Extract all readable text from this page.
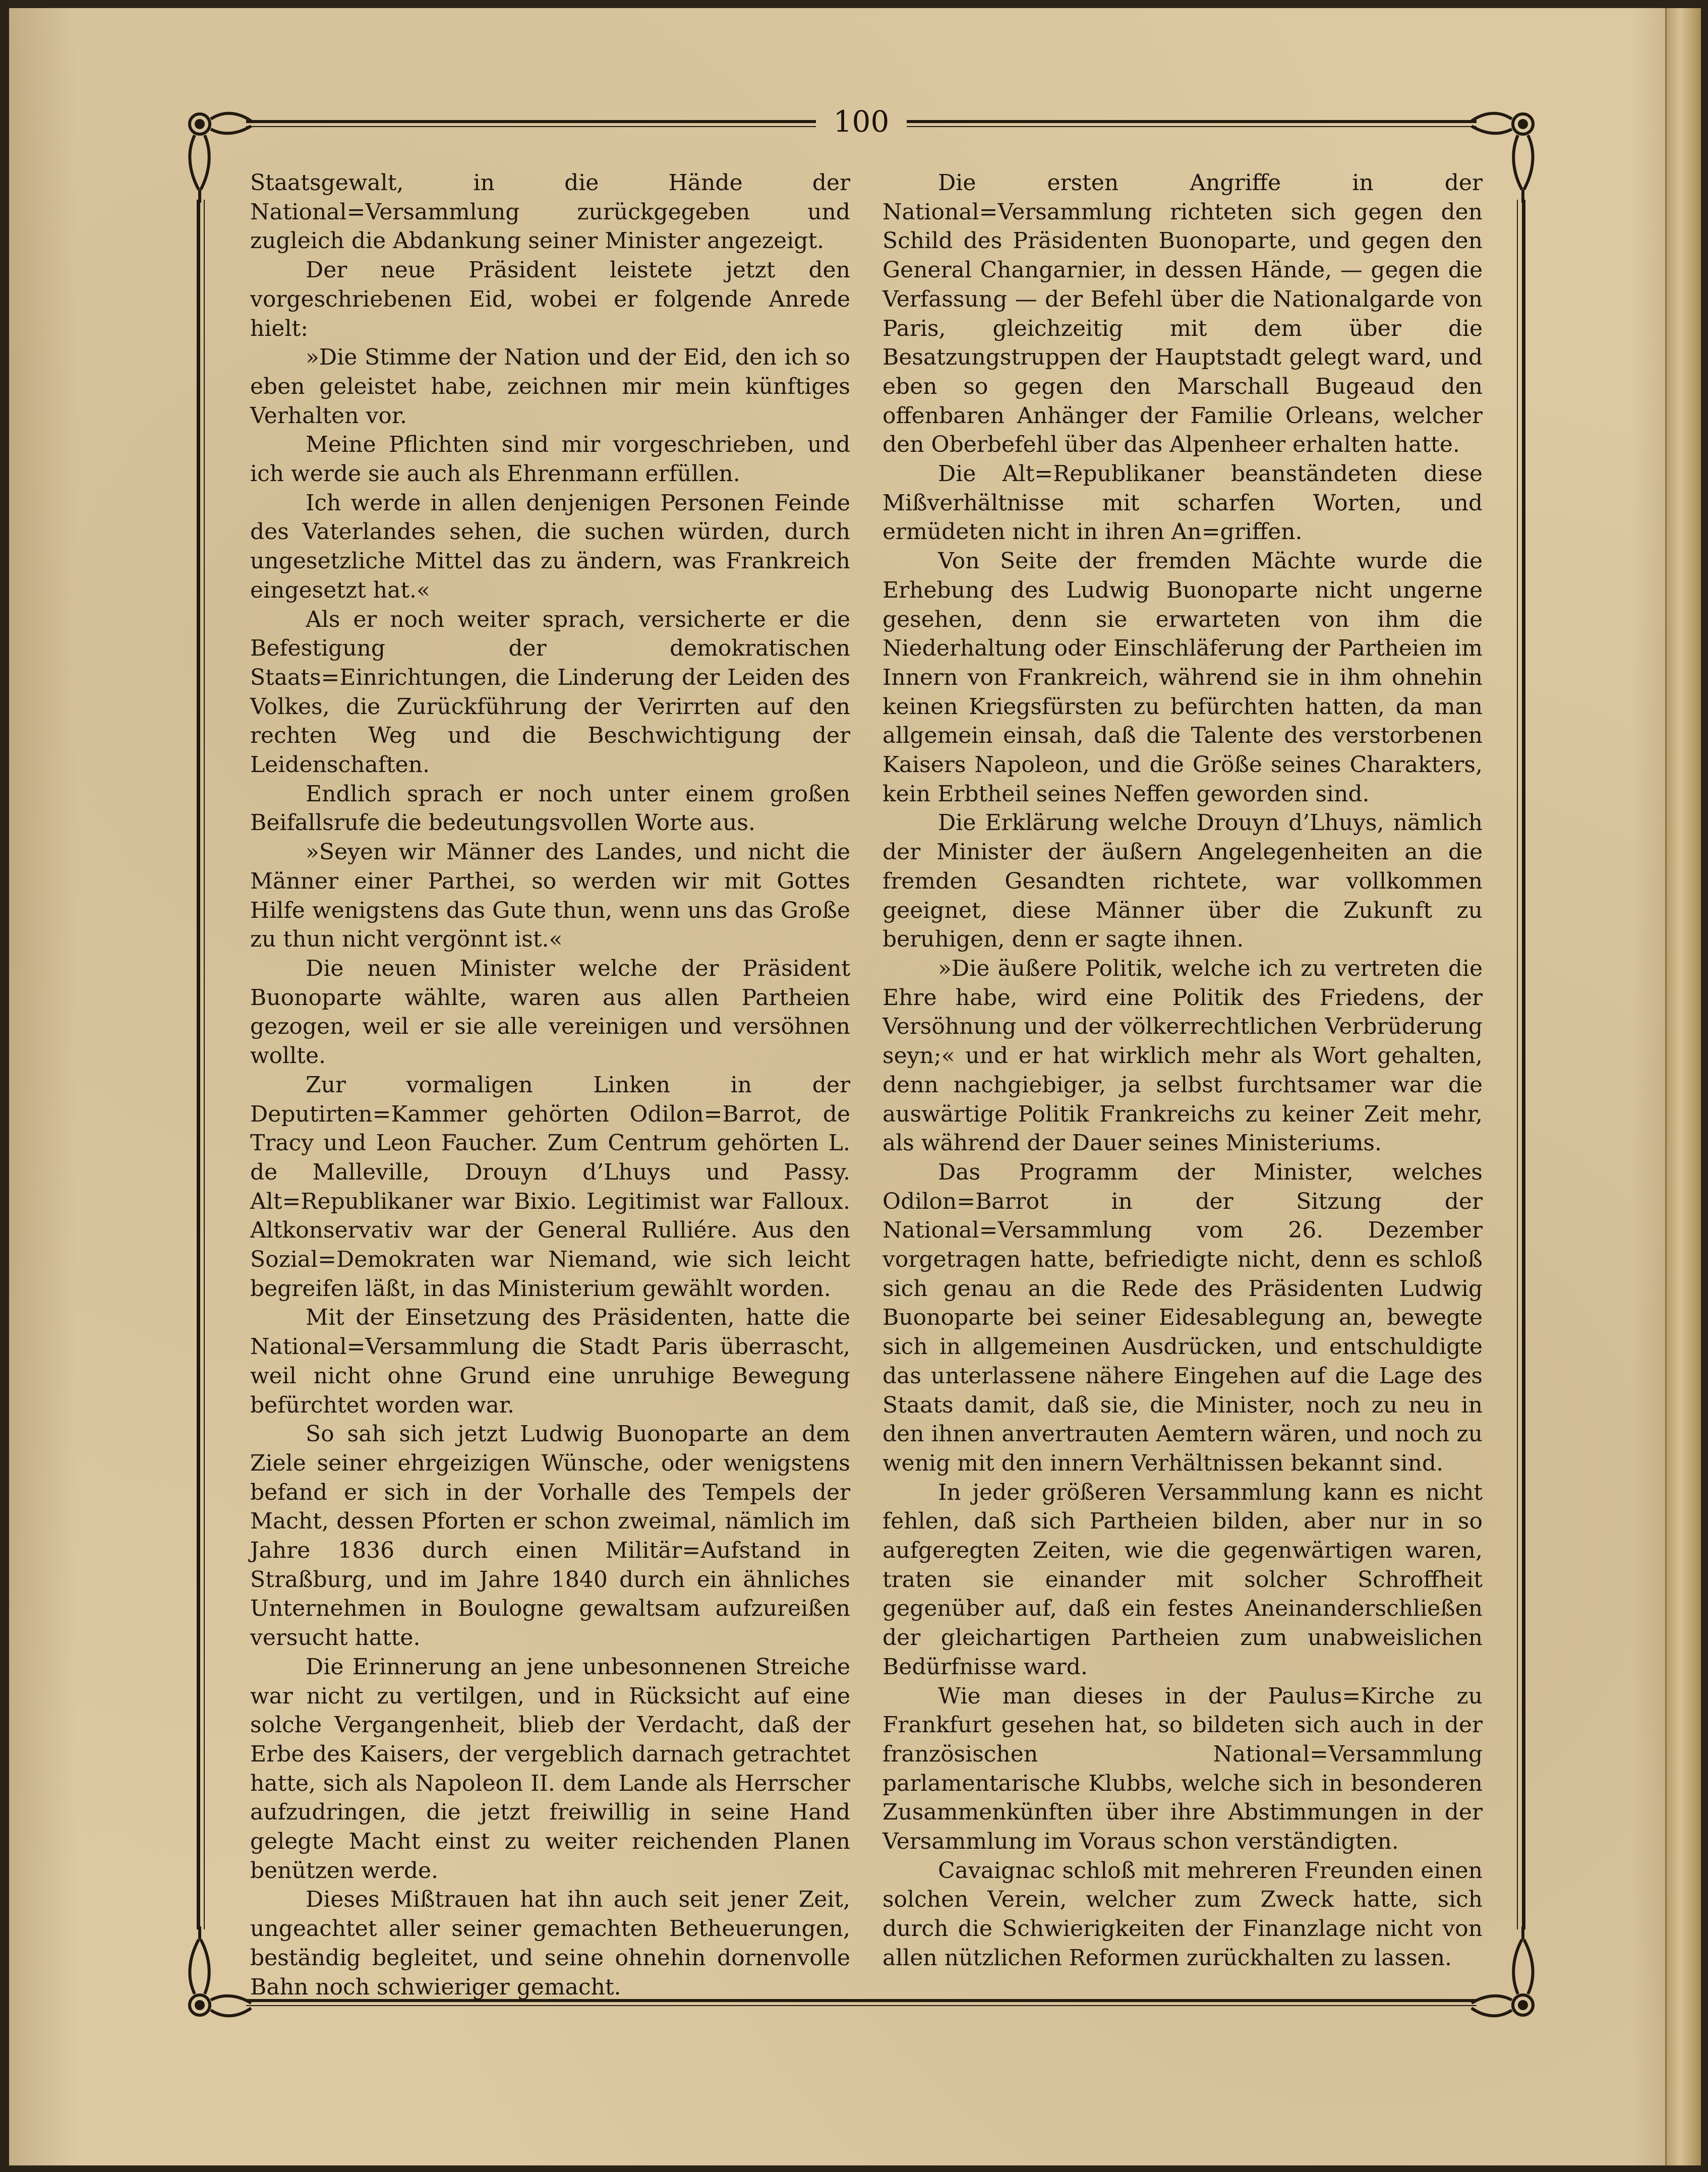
100

Staatsgewalt, in die Hände der National=Versammlung zurückgegeben und zugleich die Abdankung seiner Minister angezeigt.

Der neue Präsident leistete jetzt den vorgeschriebenen Eid, wobei er folgende Anrede hielt:

»Die Stimme der Nation und der Eid, den ich so eben geleistet habe, zeichnen mir mein künftiges Verhalten vor.

Meine Pflichten sind mir vorgeschrieben, und ich werde sie auch als Ehrenmann erfüllen.

Ich werde in allen denjenigen Personen Feinde des Vaterlandes sehen, die suchen würden, durch ungesetzliche Mittel das zu ändern, was Frankreich eingesetzt hat.«

Als er noch weiter sprach, versicherte er die Befestigung der demokratischen Staats=Einrichtungen, die Linderung der Leiden des Volkes, die Zurückführung der Verirrten auf den rechten Weg und die Beschwichtigung der Leidenschaften.

Endlich sprach er noch unter einem großen Beifallsrufe die bedeutungsvollen Worte aus.

»Seyen wir Männer des Landes, und nicht die Männer einer Parthei, so werden wir mit Gottes Hilfe wenigstens das Gute thun, wenn uns das Große zu thun nicht vergönnt ist.«

Die neuen Minister welche der Präsident Buonoparte wählte, waren aus allen Partheien gezogen, weil er sie alle vereinigen und versöhnen wollte.

Zur vormaligen Linken in der Deputirten=Kammer gehörten Odilon=Barrot, de Tracy und Leon Faucher. Zum Centrum gehörten L. de Malleville, Drouyn d’Lhuys und Passy. Alt=Republikaner war Bixio. Legitimist war Falloux. Altkonservativ war der General Rulliére. Aus den Sozial=Demokraten war Niemand, wie sich leicht begreifen läßt, in das Ministerium gewählt worden.

Mit der Einsetzung des Präsidenten, hatte die National=Versammlung die Stadt Paris überrascht, weil nicht ohne Grund eine unruhige Bewegung befürchtet worden war.

So sah sich jetzt Ludwig Buonoparte an dem Ziele seiner ehrgeizigen Wünsche, oder wenigstens befand er sich in der Vorhalle des Tempels der Macht, dessen Pforten er schon zweimal, nämlich im Jahre 1836 durch einen Militär=Aufstand in Straßburg, und im Jahre 1840 durch ein ähnliches Unternehmen in Boulogne gewaltsam aufzureißen versucht hatte.

Die Erinnerung an jene unbesonnenen Streiche war nicht zu vertilgen, und in Rücksicht auf eine solche Vergangenheit, blieb der Verdacht, daß der Erbe des Kaisers, der vergeblich darnach getrachtet hatte, sich als Napoleon II. dem Lande als Herrscher aufzudringen, die jetzt freiwillig in seine Hand gelegte Macht einst zu weiter reichenden Planen benützen werde.

Dieses Mißtrauen hat ihn auch seit jener Zeit, ungeachtet aller seiner gemachten Betheuerungen, beständig begleitet, und seine ohnehin dornenvolle Bahn noch schwieriger gemacht.

Die ersten Angriffe in der National=Versammlung richteten sich gegen den Schild des Präsidenten Buonoparte, und gegen den General Changarnier, in dessen Hände, — gegen die Verfassung — der Befehl über die Nationalgarde von Paris, gleichzeitig mit dem über die Besatzungstruppen der Hauptstadt gelegt ward, und eben so gegen den Marschall Bugeaud den offenbaren Anhänger der Familie Orleans, welcher den Oberbefehl über das Alpenheer erhalten hatte.

Die Alt=Republikaner beanständeten diese Mißverhältnisse mit scharfen Worten, und ermüdeten nicht in ihren An=griffen.

Von Seite der fremden Mächte wurde die Erhebung des Ludwig Buonoparte nicht ungerne gesehen, denn sie erwarteten von ihm die Niederhaltung oder Einschläferung der Partheien im Innern von Frankreich, während sie in ihm ohnehin keinen Kriegsfürsten zu befürchten hatten, da man allgemein einsah, daß die Talente des verstorbenen Kaisers Napoleon, und die Größe seines Charakters, kein Erbtheil seines Neffen geworden sind.

Die Erklärung welche Drouyn d’Lhuys, nämlich der Minister der äußern Angelegenheiten an die fremden Gesandten richtete, war vollkommen geeignet, diese Männer über die Zukunft zu beruhigen, denn er sagte ihnen.

»Die äußere Politik, welche ich zu vertreten die Ehre habe, wird eine Politik des Friedens, der Versöhnung und der völkerrechtlichen Verbrüderung seyn;« und er hat wirklich mehr als Wort gehalten, denn nachgiebiger, ja selbst furchtsamer war die auswärtige Politik Frankreichs zu keiner Zeit mehr, als während der Dauer seines Ministeriums.

Das Programm der Minister, welches Odilon=Barrot in der Sitzung der National=Versammlung vom 26. Dezember vorgetragen hatte, befriedigte nicht, denn es schloß sich genau an die Rede des Präsidenten Ludwig Buonoparte bei seiner Eidesablegung an, bewegte sich in allgemeinen Ausdrücken, und entschuldigte das unterlassene nähere Eingehen auf die Lage des Staats damit, daß sie, die Minister, noch zu neu in den ihnen anvertrauten Aemtern wären, und noch zu wenig mit den innern Verhältnissen bekannt sind.

In jeder größeren Versammlung kann es nicht fehlen, daß sich Partheien bilden, aber nur in so aufgeregten Zeiten, wie die gegenwärtigen waren, traten sie einander mit solcher Schroffheit gegenüber auf, daß ein festes Aneinanderschließen der gleichartigen Partheien zum unabweislichen Bedürfnisse ward.

Wie man dieses in der Paulus=Kirche zu Frankfurt gesehen hat, so bildeten sich auch in der französischen National=Versammlung parlamentarische Klubbs, welche sich in besonderen Zusammenkünften über ihre Abstimmungen in der Versammlung im Voraus schon verständigten.

Cavaignac schloß mit mehreren Freunden einen solchen Verein, welcher zum Zweck hatte, sich durch die Schwierigkeiten der Finanzlage nicht von allen nützlichen Reformen zurückhalten zu lassen.
